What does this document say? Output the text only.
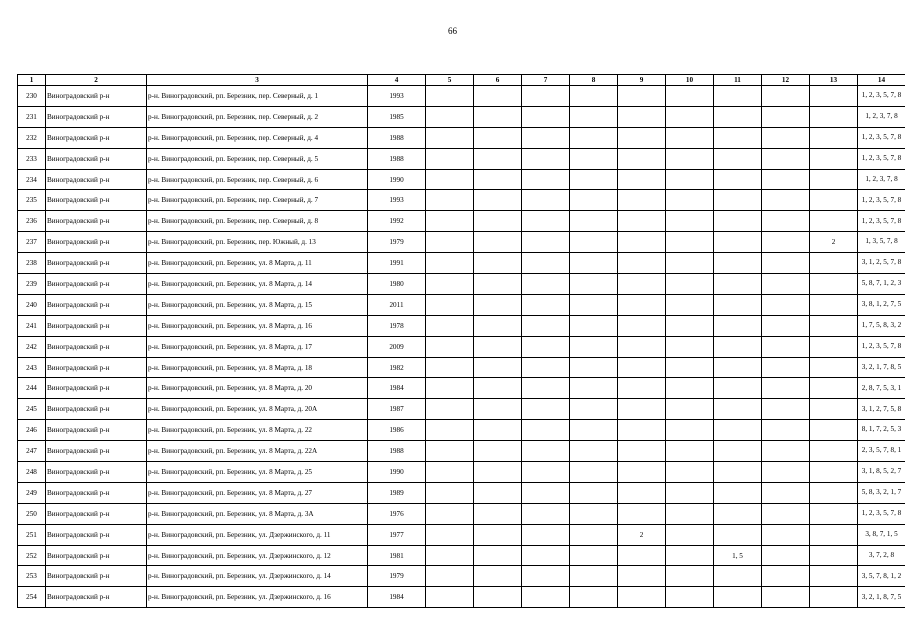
66
1	2	3	4	5	6	7	8	9	10	11	12	13	14
230	Виноградовский р-н	р-н. Виноградовский, рп. Березник, пер. Северный, д. 1	1993										1, 2, 3, 5, 7, 8
231	Виноградовский р-н	р-н. Виноградовский, рп. Березник, пер. Северный, д. 2	1985										1, 2, 3, 7, 8
232	Виноградовский р-н	р-н. Виноградовский, рп. Березник, пер. Северный, д. 4	1988										1, 2, 3, 5, 7, 8
233	Виноградовский р-н	р-н. Виноградовский, рп. Березник, пер. Северный, д. 5	1988										1, 2, 3, 5, 7, 8
234	Виноградовский р-н	р-н. Виноградовский, рп. Березник, пер. Северный, д. 6	1990										1, 2, 3, 7, 8
235	Виноградовский р-н	р-н. Виноградовский, рп. Березник, пер. Северный, д. 7	1993										1, 2, 3, 5, 7, 8
236	Виноградовский р-н	р-н. Виноградовский, рп. Березник, пер. Северный, д. 8	1992										1, 2, 3, 5, 7, 8
237	Виноградовский р-н	р-н. Виноградовский, рп. Березник, пер. Южный, д. 13	1979									2	1, 3, 5, 7, 8
238	Виноградовский р-н	р-н. Виноградовский, рп. Березник, ул. 8 Марта, д. 11	1991										3, 1, 2, 5, 7, 8
239	Виноградовский р-н	р-н. Виноградовский, рп. Березник, ул. 8 Марта, д. 14	1980										5, 8, 7, 1, 2, 3
240	Виноградовский р-н	р-н. Виноградовский, рп. Березник, ул. 8 Марта, д. 15	2011										3, 8, 1, 2, 7, 5
241	Виноградовский р-н	р-н. Виноградовский, рп. Березник, ул. 8 Марта, д. 16	1978										1, 7, 5, 8, 3, 2
242	Виноградовский р-н	р-н. Виноградовский, рп. Березник, ул. 8 Марта, д. 17	2009										1, 2, 3, 5, 7, 8
243	Виноградовский р-н	р-н. Виноградовский, рп. Березник, ул. 8 Марта, д. 18	1982										3, 2, 1, 7, 8, 5
244	Виноградовский р-н	р-н. Виноградовский, рп. Березник, ул. 8 Марта, д. 20	1984										2, 8, 7, 5, 3, 1
245	Виноградовский р-н	р-н. Виноградовский, рп. Березник, ул. 8 Марта, д. 20А	1987										3, 1, 2, 7, 5, 8
246	Виноградовский р-н	р-н. Виноградовский, рп. Березник, ул. 8 Марта, д. 22	1986										8, 1, 7, 2, 5, 3
247	Виноградовский р-н	р-н. Виноградовский, рп. Березник, ул. 8 Марта, д. 22А	1988										2, 3, 5, 7, 8, 1
248	Виноградовский р-н	р-н. Виноградовский, рп. Березник, ул. 8 Марта, д. 25	1990										3, 1, 8, 5, 2, 7
249	Виноградовский р-н	р-н. Виноградовский, рп. Березник, ул. 8 Марта, д. 27	1989										5, 8, 3, 2, 1, 7
250	Виноградовский р-н	р-н. Виноградовский, рп. Березник, ул. 8 Марта, д. 3А	1976										1, 2, 3, 5, 7, 8
251	Виноградовский р-н	р-н. Виноградовский, рп. Березник, ул. Дзержинского, д. 11	1977					2					3, 8, 7, 1, 5
252	Виноградовский р-н	р-н. Виноградовский, рп. Березник, ул. Дзержинского, д. 12	1981							1, 5			3, 7, 2, 8
253	Виноградовский р-н	р-н. Виноградовский, рп. Березник, ул. Дзержинского, д. 14	1979										3, 5, 7, 8, 1, 2
254	Виноградовский р-н	р-н. Виноградовский, рп. Березник, ул. Дзержинского, д. 16	1984										3, 2, 1, 8, 7, 5
